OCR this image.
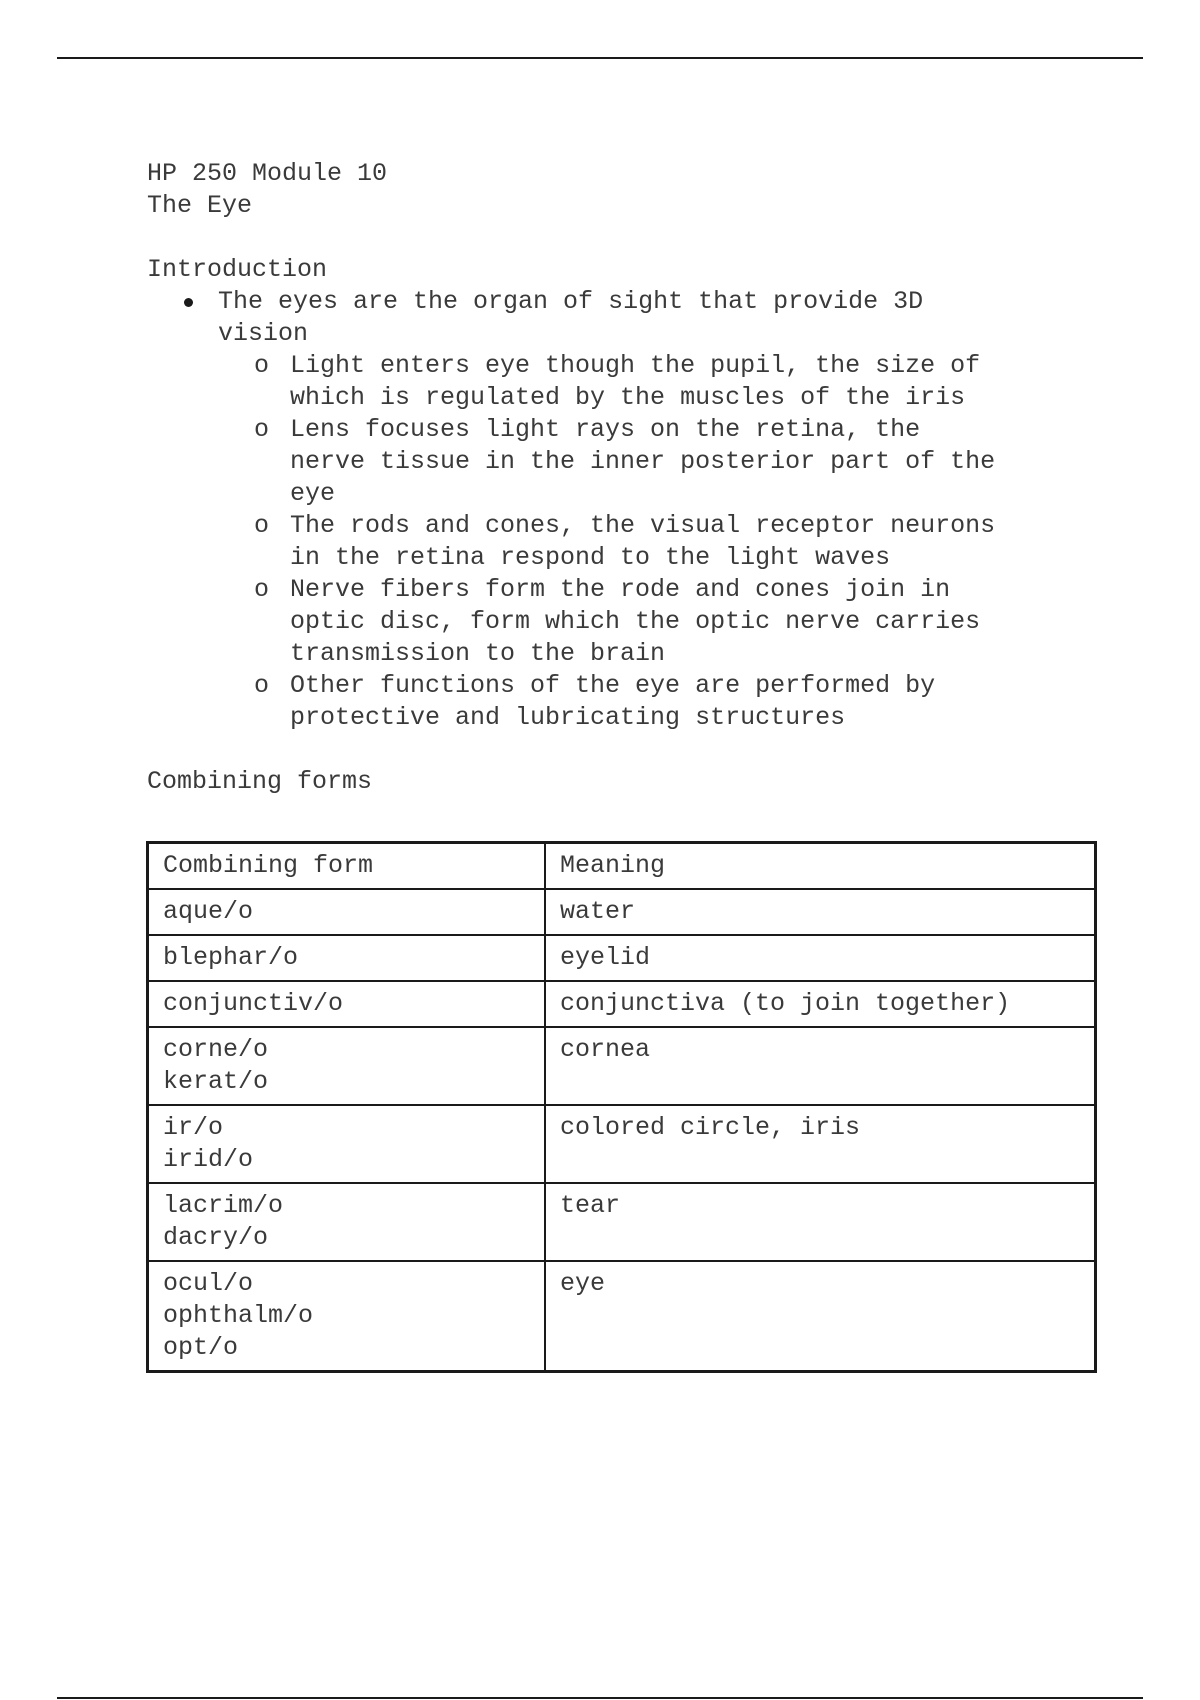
HP 250 Module 10
The Eye
Introduction
The eyes are the organ of sight that provide 3D
vision
o Light enters eye though the pupil, the size of
which is regulated by the muscles of the iris
o Lens focuses light rays on the retina, the
nerve tissue in the inner posterior part of the
eye
o The rods and cones, the visual receptor neurons
in the retina respond to the light waves
o Nerve fibers form the rode and cones join in
optic disc, form which the optic nerve carries
transmission to the brain
o Other functions of the eye are performed by
protective and lubricating structures
Combining forms
Combining form	Meaning

aque/o	water

blephar/o	eyelid

conjunctiv/o	conjunctiva (to join together)

corne/o
kerat/o	cornea

ir/o
irid/o	colored circle, iris

lacrim/o
dacry/o	tear

ocul/o
ophthalm/o
opt/o	eye
